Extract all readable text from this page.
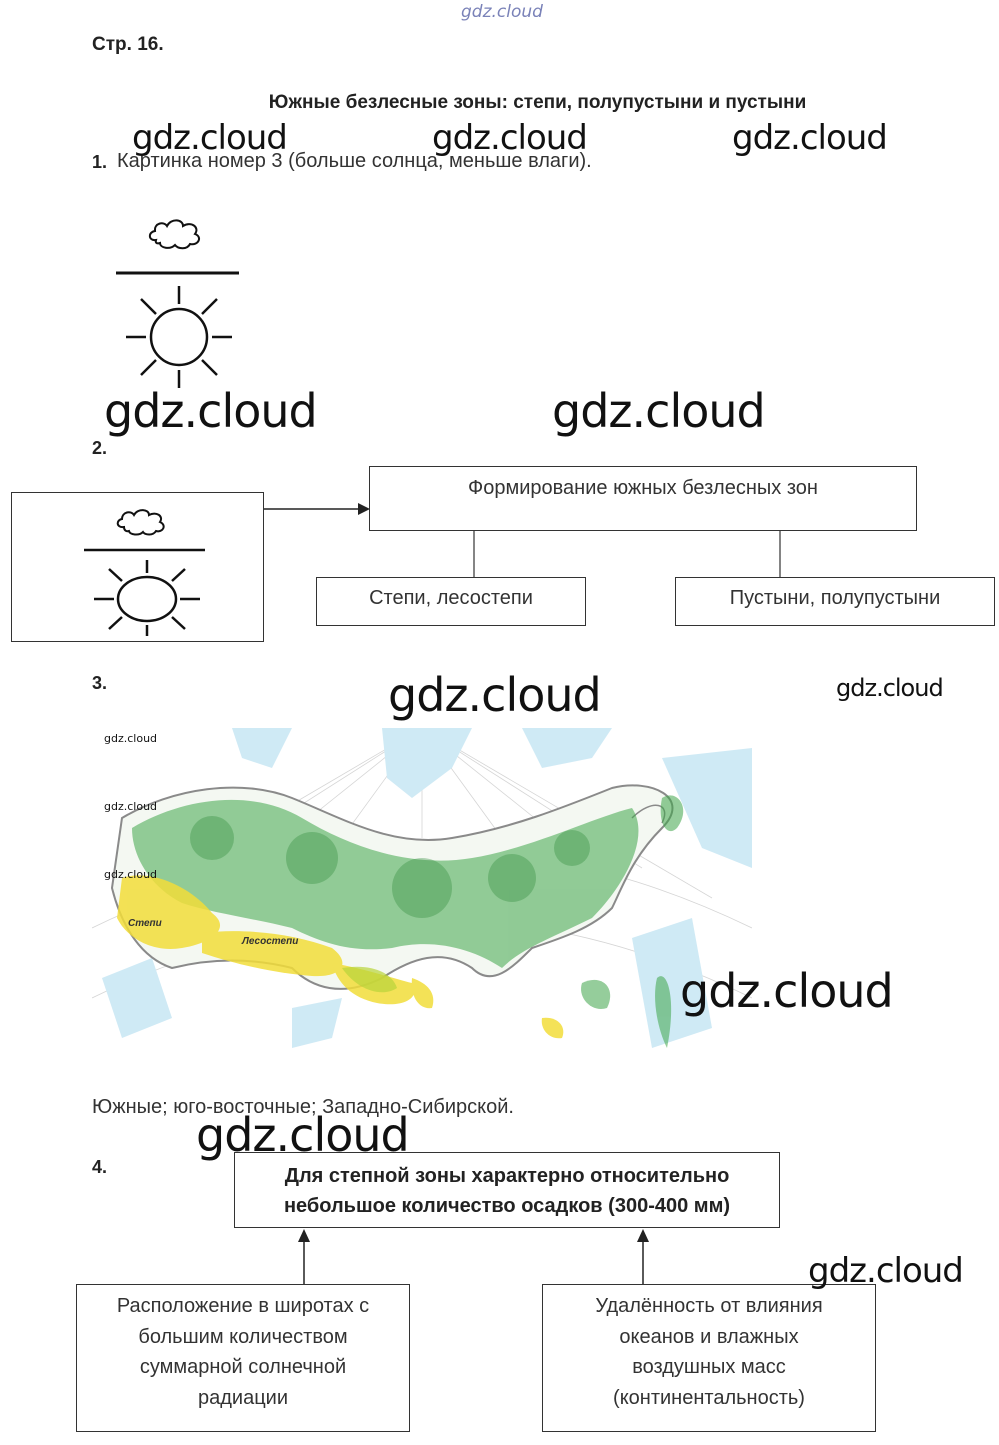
gdz.cloud
gdz.cloud	gdz.cloud	gdz.cloud
gdz.cloud	gdz.cloud
gdz.cloud	gdz.cloud
gdz.cloud
gdz.cloud
gdz.cloud
Стр. 16.
Южные безлесные зоны: степи, полупустыни и пустыни
1. Картинка номер 3 (больше солнца, меньше влаги).
2.
Формирование южных безлесных зон
Степи, лесостепи	Пустыни, полупустыни
3.
Степи
Лесостепи
gdz.cloud
gdz.cloud
gdz.cloud
Южные; юго-восточные; Западно-Сибирской.
4.	Для степной зоны характерно относительно
небольшое количество осадков (300-400 мм)
Расположение в широтах с
большим количеством
суммарной солнечной
радиации
Удалённость от влияния
океанов и влажных
воздушных масс
(континентальность)
